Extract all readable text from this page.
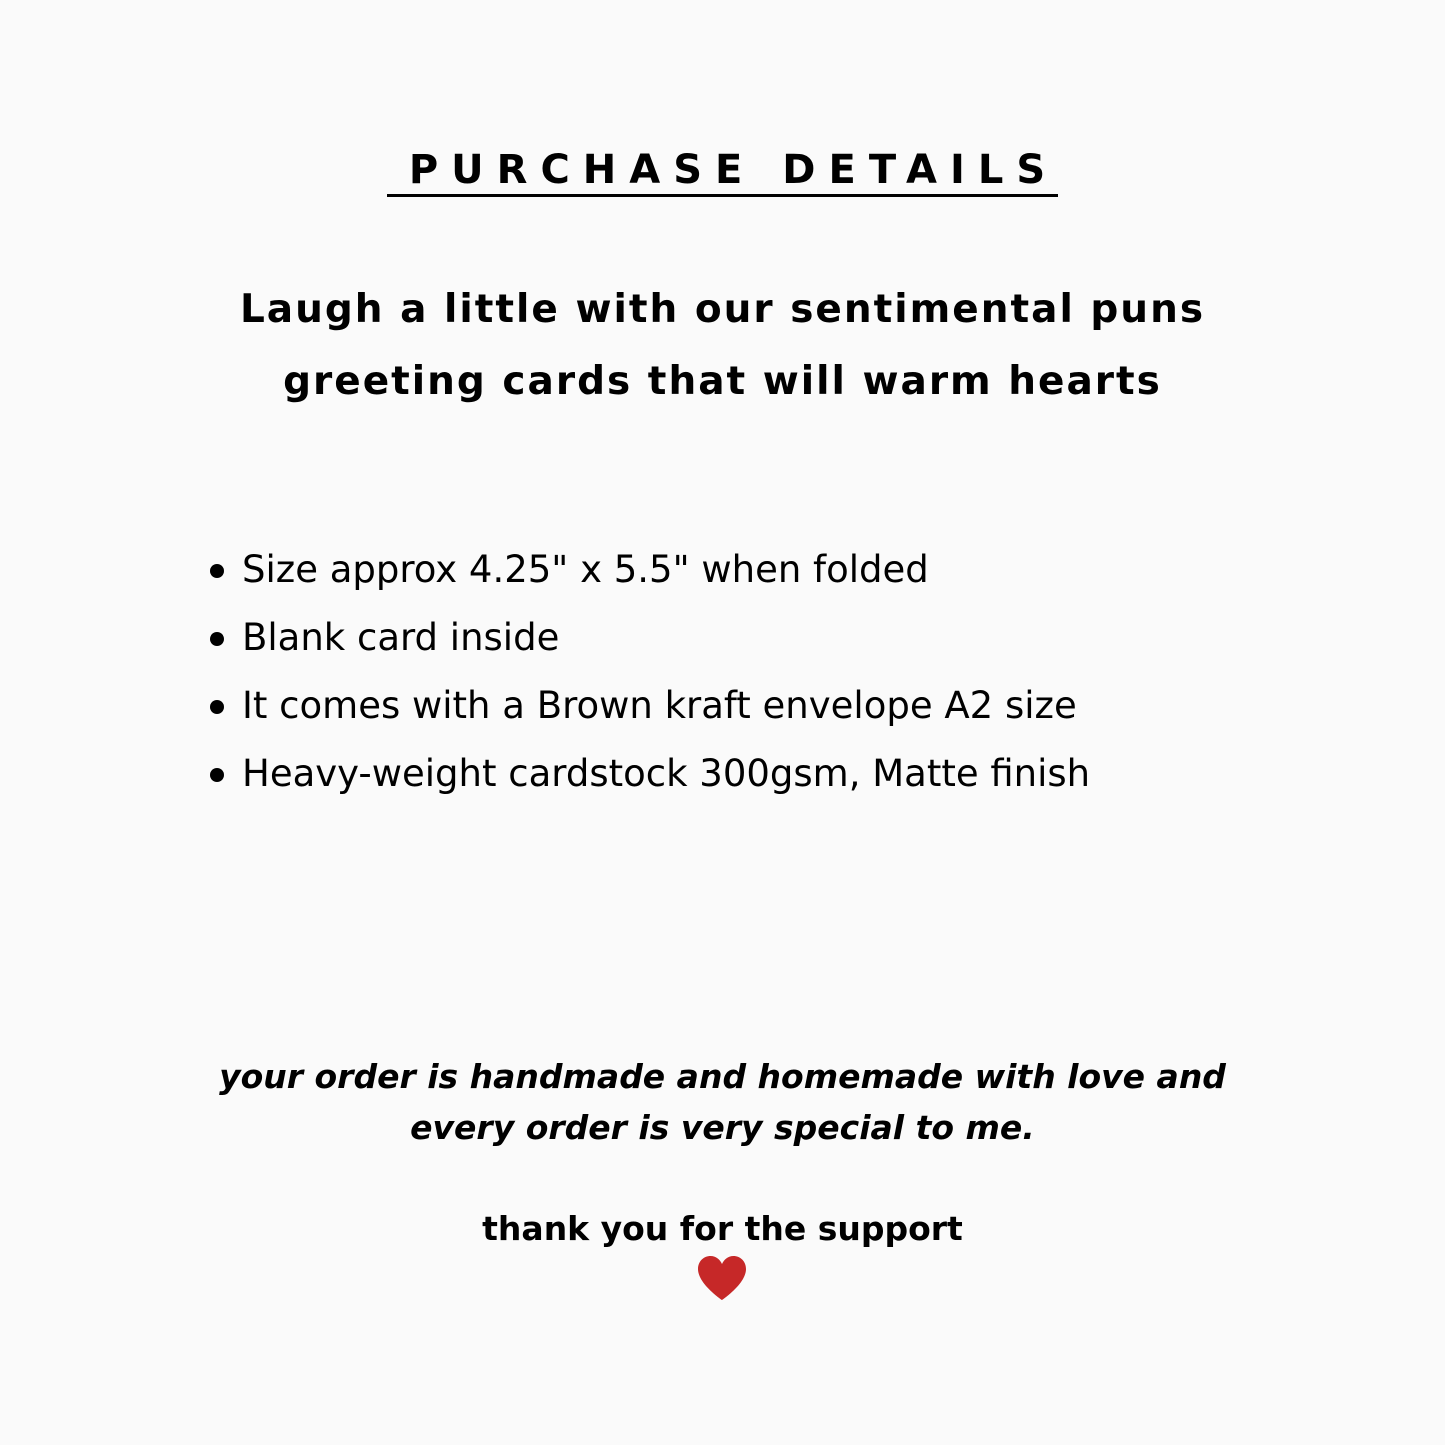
PURCHASE DETAILS
Laugh a little with our sentimental puns
greeting cards that will warm hearts
Size approx 4.25" x 5.5" when folded
Blank card inside
It comes with a Brown kraft envelope A2 size
Heavy-weight cardstock 300gsm, Matte finish
your order is handmade and homemade with love and
every order is very special to me.
thank you for the support
